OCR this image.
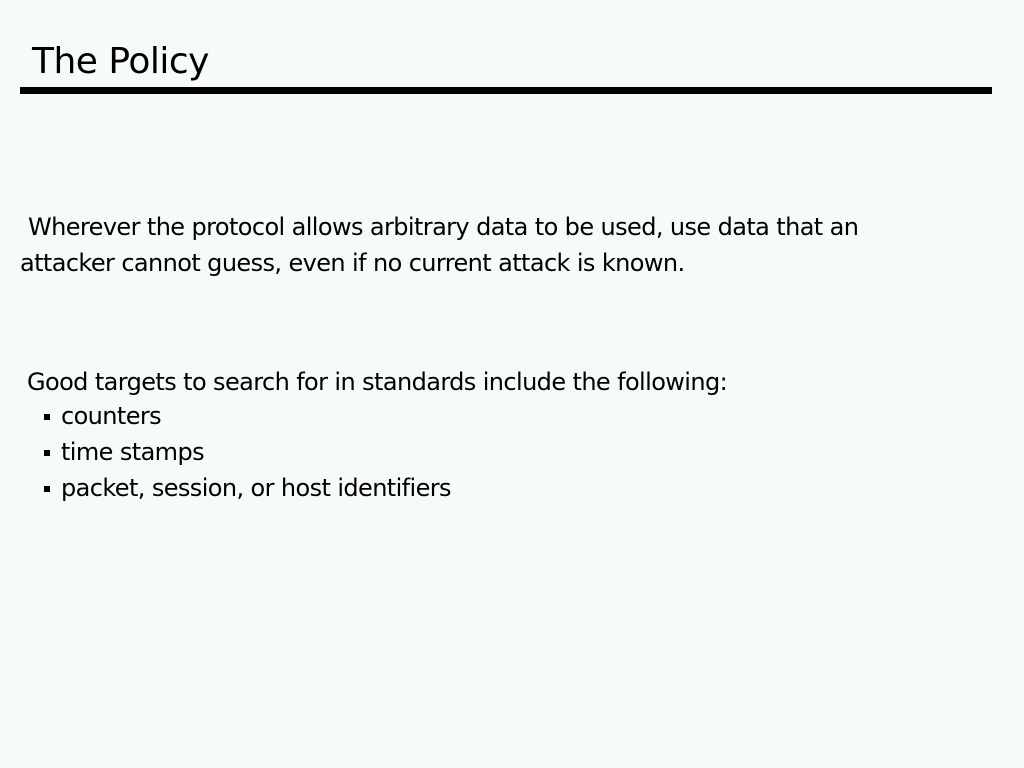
The Policy
Wherever the protocol allows arbitrary data to be used, use data that an attacker cannot guess, even if no current attack is known.
Good targets to search for in standards include the following:
counters
time stamps
packet, session, or host identifiers
